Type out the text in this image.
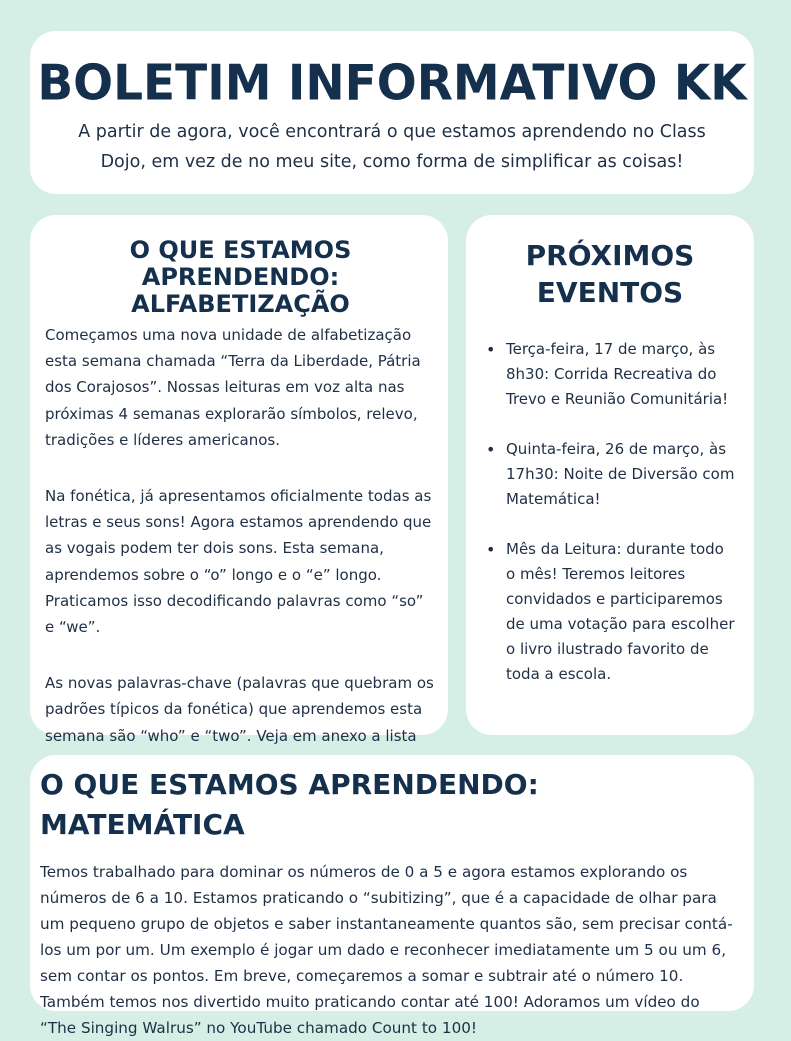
BOLETIM INFORMATIVO KK

A partir de agora, você encontrará o que estamos aprendendo no Class Dojo, em vez de no meu site, como forma de simplificar as coisas!

O QUE ESTAMOS APRENDENDO: ALFABETIZAÇÃO

Começamos uma nova unidade de alfabetização esta semana chamada “Terra da Liberdade, Pátria dos Corajosos”. Nossas leituras em voz alta nas próximas 4 semanas explorarão símbolos, relevo, tradições e líderes americanos.

Na fonética, já apresentamos oficialmente todas as letras e seus sons! Agora estamos aprendendo que as vogais podem ter dois sons. Esta semana, aprendemos sobre o “o” longo e o “e” longo. Praticamos isso decodificando palavras como “so” e “we”.

As novas palavras-chave (palavras que quebram os padrões típicos da fonética) que aprendemos esta semana são “who” e “two”. Veja em anexo a lista

PRÓXIMOS EVENTOS
• Terça-feira, 17 de março, às 8h30: Corrida Recreativa do Trevo e Reunião Comunitária!
• Quinta-feira, 26 de março, às 17h30: Noite de Diversão com Matemática!
• Mês da Leitura: durante todo o mês! Teremos leitores convidados e participaremos de uma votação para escolher o livro ilustrado favorito de toda a escola.
O QUE ESTAMOS APRENDENDO: MATEMÁTICA

Temos trabalhado para dominar os números de 0 a 5 e agora estamos explorando os números de 6 a 10. Estamos praticando o “subitizing”, que é a capacidade de olhar para um pequeno grupo de objetos e saber instantaneamente quantos são, sem precisar contá-los um por um. Um exemplo é jogar um dado e reconhecer imediatamente um 5 ou um 6, sem contar os pontos. Em breve, começaremos a somar e subtrair até o número 10. Também temos nos divertido muito praticando contar até 100! Adoramos um vídeo do “The Singing Walrus” no YouTube chamado Count to 100!
